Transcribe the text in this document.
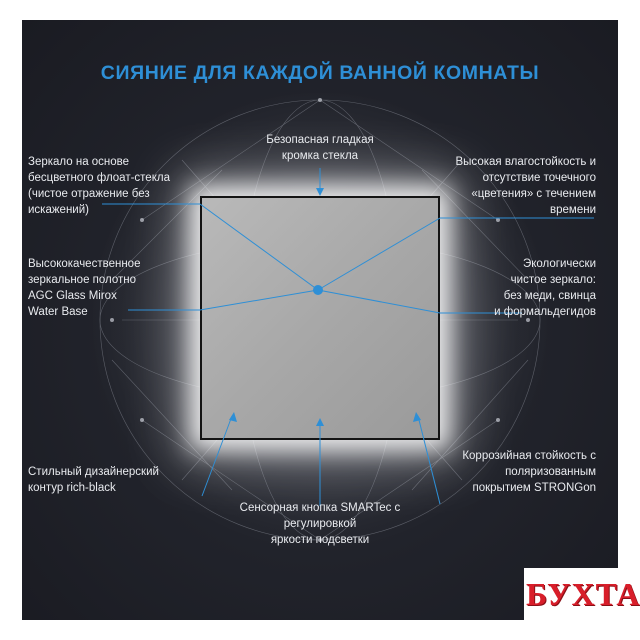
СИЯНИЕ ДЛЯ КАЖДОЙ ВАННОЙ КОМНАТЫ
Безопасная гладкая
кромка стекла
Зеркало на основе
бесцветного флоат-стекла
(чистое отражение без
искажений)
Высококачественное
зеркальное полотно
AGC Glass Mirox
Water Base
Стильный дизайнерский
контур rich-black
Высокая влагостойкость и
отсутствие точечного
«цветения» с течением
времени
Экологически
чистое зеркало:
без меди, свинца
и формальдегидов
Коррозийная стойкость с
поляризованным
покрытием STRONGon
Сенсорная кнопка SMARTec с
регулировкой
яркости подсветки
БУХТА
